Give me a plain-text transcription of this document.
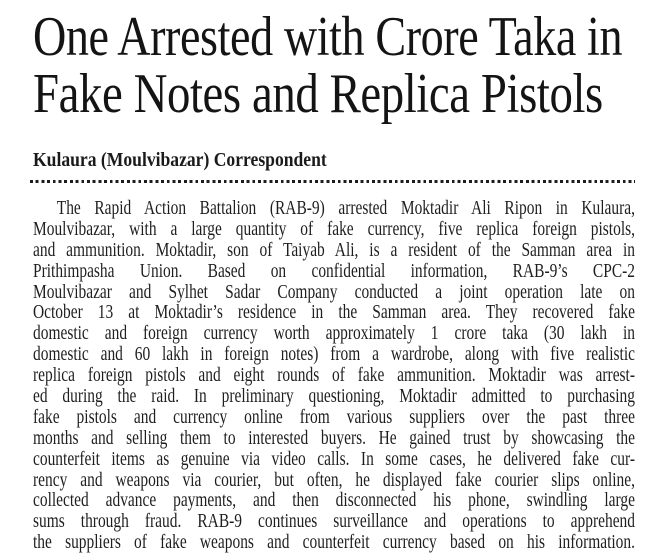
One Arrested with Crore Taka in
Fake Notes and Replica Pistols

Kulaura (Moulvibazar) Correspondent

The Rapid Action Battalion (RAB-9) arrested Moktadir Ali Ripon in Kulaura,
Moulvibazar, with a large quantity of fake currency, five replica foreign pistols,
and ammunition. Moktadir, son of Taiyab Ali, is a resident of the Samman area in
Prithimpasha Union. Based on confidential information, RAB-9’s CPC-2
Moulvibazar and Sylhet Sadar Company conducted a joint operation late on
October 13 at Moktadir’s residence in the Samman area. They recovered fake
domestic and foreign currency worth approximately 1 crore taka (30 lakh in
domestic and 60 lakh in foreign notes) from a wardrobe, along with five realistic
replica foreign pistols and eight rounds of fake ammunition. Moktadir was arrest-
ed during the raid. In preliminary questioning, Moktadir admitted to purchasing
fake pistols and currency online from various suppliers over the past three
months and selling them to interested buyers. He gained trust by showcasing the
counterfeit items as genuine via video calls. In some cases, he delivered fake cur-
rency and weapons via courier, but often, he displayed fake courier slips online,
collected advance payments, and then disconnected his phone, swindling large
sums through fraud. RAB-9 continues surveillance and operations to apprehend
the suppliers of fake weapons and counterfeit currency based on his information.
